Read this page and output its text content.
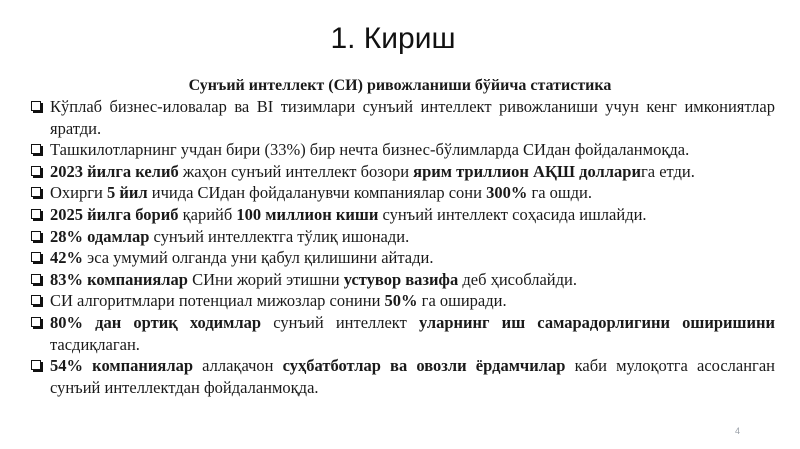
1. Кириш
Сунъий интеллект (СИ) ривожланиши бўйича статистика
Кўплаб бизнес-иловалар ва BI тизимлари сунъий интеллект ривожланиши учун кенг имкониятлар яратди.
Ташкилотларнинг учдан бири (33%) бир нечта бизнес-бўлимларда СИдан фойдаланмоқда.
2023 йилга келиб жаҳон сунъий интеллект бозори ярим триллион АҚШ долларига етди.
Охирги 5 йил ичида СИдан фойдаланувчи компаниялар сони 300% га ошди.
2025 йилга бориб қарийб 100 миллион киши сунъий интеллект соҳасида ишлайди.
28% одамлар сунъий интеллектга тўлиқ ишонади.
42% эса умумий олганда уни қабул қилишини айтади.
83% компаниялар СИни жорий этишни устувор вазифа деб ҳисоблайди.
СИ алгоритмлари потенциал мижозлар сонини 50% га оширади.
80% дан ортиқ ходимлар сунъий интеллект уларнинг иш самарадорлигини оширишини тасдиқлаган.
54% компаниялар аллақачон суҳбатботлар ва овозли ёрдамчилар каби мулоқотга асосланган сунъий интеллектдан фойдаланмоқда.
4
